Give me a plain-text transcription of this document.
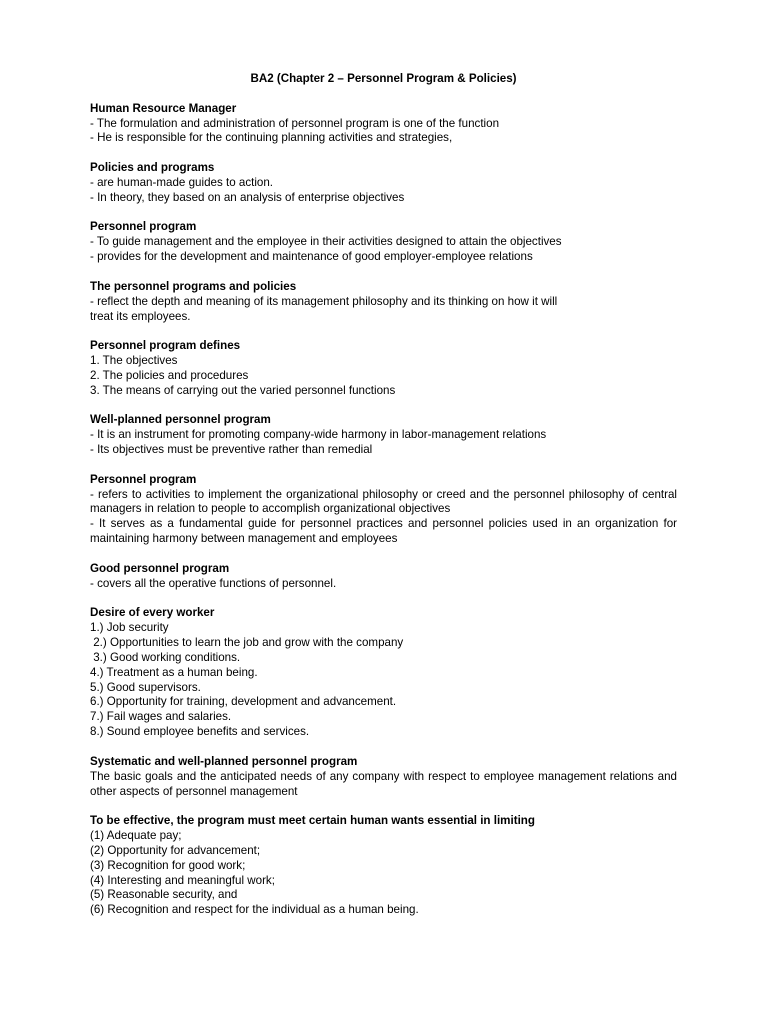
BA2 (Chapter 2 – Personnel Program & Policies)
Human Resource Manager
- The formulation and administration of personnel program is one of the function
- He is responsible for the continuing planning activities and strategies,
Policies and programs
- are human-made guides to action.
- In theory, they based on an analysis of enterprise objectives
Personnel program
- To guide management and the employee in their activities designed to attain the objectives
- provides for the development and maintenance of good employer-employee relations
The personnel programs and policies
- reflect the depth and meaning of its management philosophy and its thinking on how it will
treat its employees.
Personnel program defines
1. The objectives
2. The policies and procedures
3. The means of carrying out the varied personnel functions
Well-planned personnel program
- It is an instrument for promoting company-wide harmony in labor-management relations
- Its objectives must be preventive rather than remedial
Personnel program
- refers to activities to implement the organizational philosophy or creed and the personnel philosophy of central managers in relation to people to accomplish organizational objectives
- It serves as a fundamental guide for personnel practices and personnel policies used in an organization for maintaining harmony between management and employees
Good personnel program
- covers all the operative functions of personnel.
Desire of every worker
1.) Job security
2.) Opportunities to learn the job and grow with the company
3.) Good working conditions.
4.) Treatment as a human being.
5.) Good supervisors.
6.) Opportunity for training, development and advancement.
7.) Fail wages and salaries.
8.) Sound employee benefits and services.
Systematic and well-planned personnel program
The basic goals and the anticipated needs of any company with respect to employee management relations and other aspects of personnel management
To be effective, the program must meet certain human wants essential in limiting
(1) Adequate pay;
(2) Opportunity for advancement;
(3) Recognition for good work;
(4) Interesting and meaningful work;
(5) Reasonable security, and
(6) Recognition and respect for the individual as a human being.
